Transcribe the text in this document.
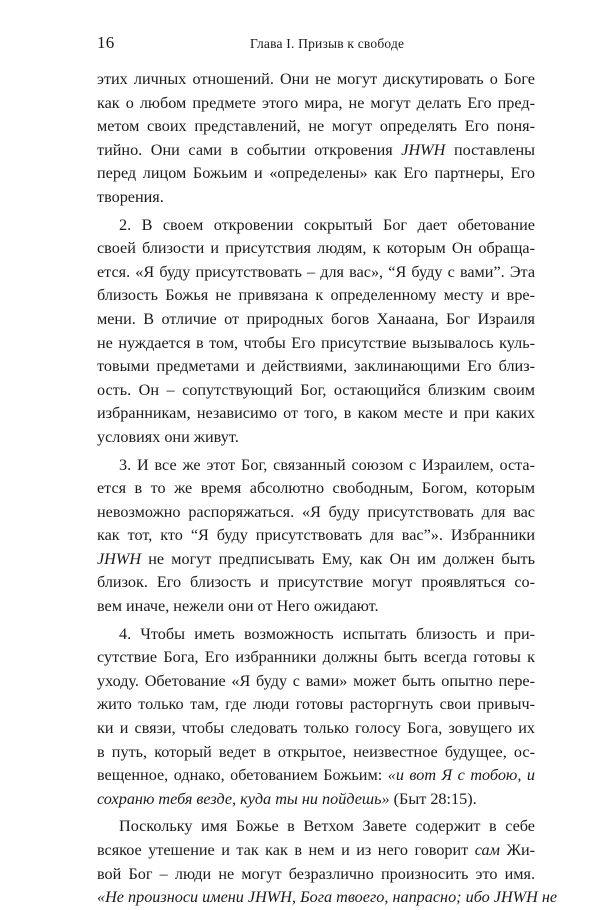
16	Глава I. Призыв к свободе
этих личных отношений. Они не могут дискутировать о Боге
как о любом предмете этого мира, не могут делать Его пред-
метом своих представлений, не могут определять Его поня-
тийно. Они сами в событии откровения JHWH поставлены
перед лицом Божьим и «определены» как Его партнеры, Его
творения.
2. В своем откровении сокрытый Бог дает обетование
своей близости и присутствия людям, к которым Он обраща-
ется. «Я буду присутствовать – для вас», “Я буду с вами”. Эта
близость Божья не привязана к определенному месту и вре-
мени. В отличие от природных богов Ханаана, Бог Израиля
не нуждается в том, чтобы Его присутствие вызывалось куль-
товыми предметами и действиями, заклинающими Его близ-
ость. Он – сопутствующий Бог, остающийся близким своим
избранникам, независимо от того, в каком месте и при каких
условиях они живут.
3. И все же этот Бог, связанный союзом с Израилем, оста-
ется в то же время абсолютно свободным, Богом, которым
невозможно распоряжаться. «Я буду присутствовать для вас
как тот, кто “Я буду присутствовать для вас”». Избранники
JHWH не могут предписывать Ему, как Он им должен быть
близок. Его близость и присутствие могут проявляться со-
вем иначе, нежели они от Него ожидают.
4. Чтобы иметь возможность испытать близость и при-
сутствие Бога, Его избранники должны быть всегда готовы к
уходу. Обетование «Я буду с вами» может быть опытно пере-
жито только там, где люди готовы расторгнуть свои привыч-
ки и связи, чтобы следовать только голосу Бога, зовущего их
в путь, который ведет в открытое, неизвестное будущее, ос-
вещенное, однако, обетованием Божьим: «и вот Я с тобою, и
сохраню тебя везде, куда ты ни пойдешь» (Быт 28:15).
Поскольку имя Божье в Ветхом Завете содержит в себе
всякое утешение и так как в нем и из него говорит сам Жи-
вой Бог – люди не могут безразлично произносить это имя.
«Не произноси имени JHWH, Бога твоего, напрасно; ибо JHWH не
